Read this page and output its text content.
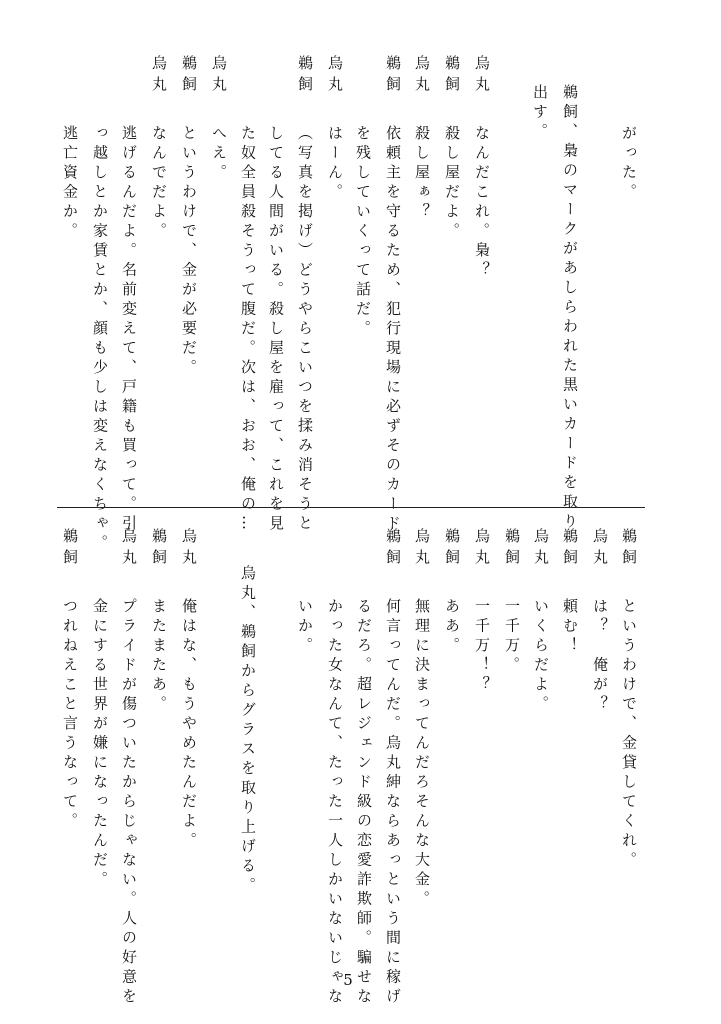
がった。
鵜飼、梟のマークがあしらわれた黒いカードを取り
出す。
烏丸
なんだこれ。梟？
鵜飼
殺し屋だよ。
烏丸
殺し屋ぁ？
鵜飼
依頼主を守るため、犯行現場に必ずそのカード
を残していくって話だ。
烏丸
はーん。
鵜飼
（写真を掲げ）どうやらこいつを揉み消そうと
してる人間がいる。殺し屋を雇って、これを見
た奴全員殺そうって腹だ。次は、おお、俺の…
へえ。
烏丸
というわけで、金が必要だ。
鵜飼
なんでだよ。
烏丸
逃げるんだよ。名前変えて、戸籍も買って。引
っ越しとか家賃とか、顔も少しは変えなくちゃ。
逃亡資金か。
鵜飼
というわけで、金貸してくれ。
烏丸
は？　俺が？
鵜飼
頼む！
烏丸
いくらだよ。
鵜飼
一千万。
烏丸
一千万！？
鵜飼
ああ。
烏丸
無理に決まってんだろそんな大金。
鵜飼
何言ってんだ。烏丸紳ならあっという間に稼げ
るだろ。超レジェンド級の恋愛詐欺師。騙せな
かった女なんて、たった一人しかいないじゃな
いか。
烏丸、鵜飼からグラスを取り上げる。
烏丸
俺はな、もうやめたんだよ。
鵜飼
またまたあ。
烏丸
プライドが傷ついたからじゃない。人の好意を
金にする世界が嫌になったんだ。
鵜飼
つれねえこと言うなって。
5
